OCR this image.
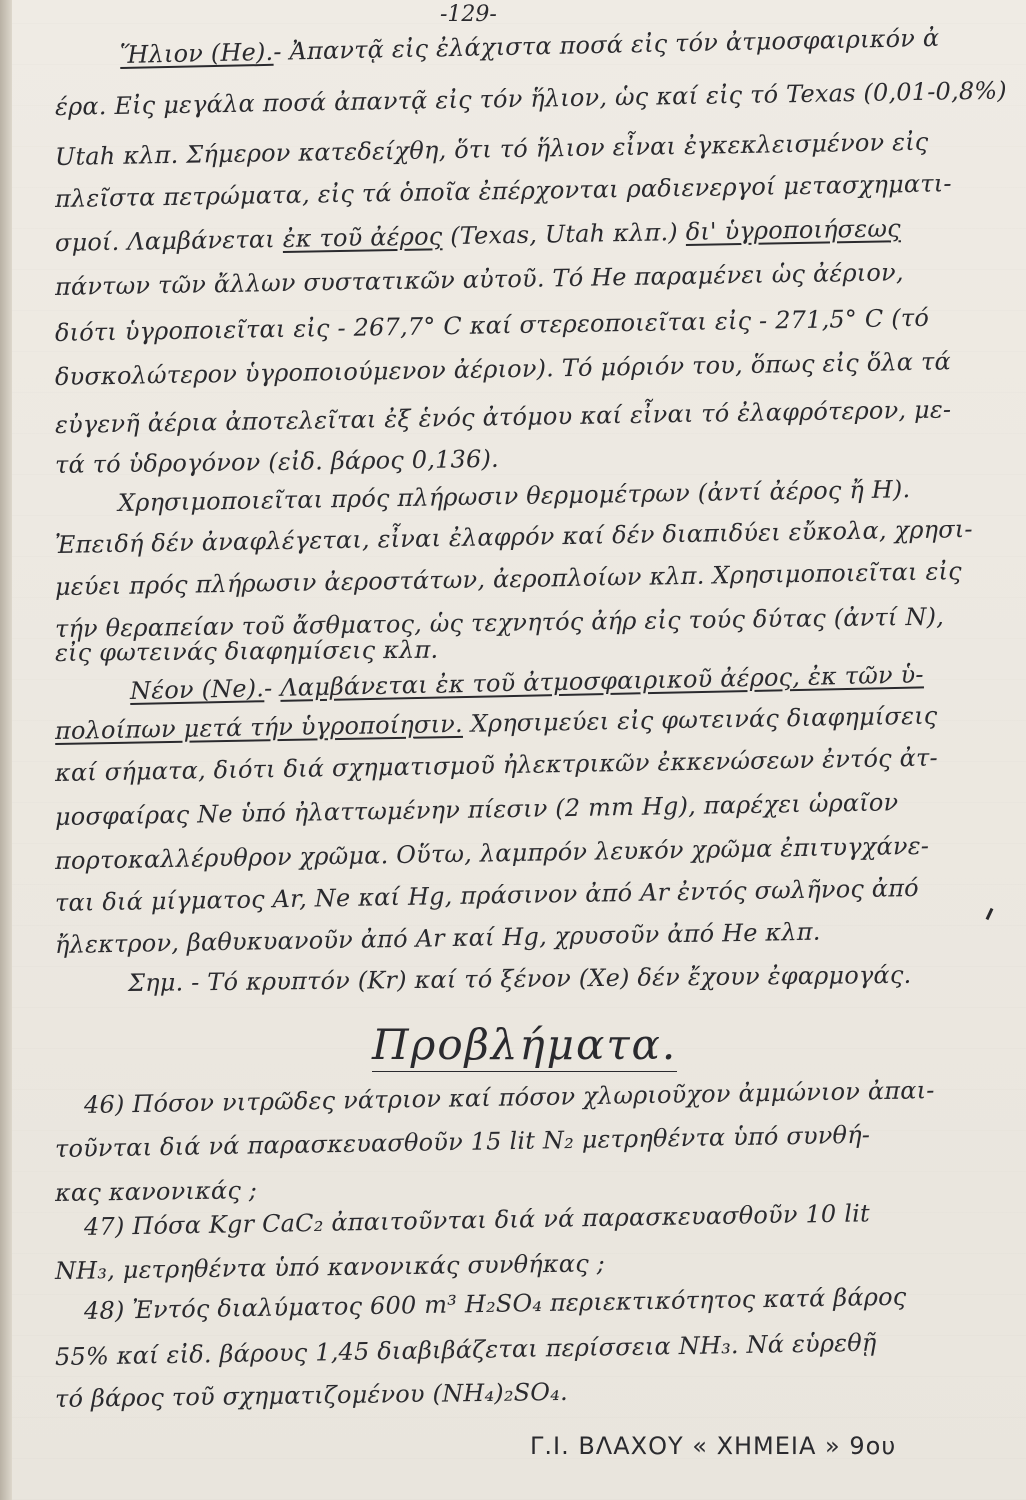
-129-
Ἥλιον (He).- Ἀπαντᾷ εἰς ἐλάχιστα ποσά εἰς τόν ἀτμοσφαιρικόν ἀ
έρα. Εἰς μεγάλα ποσά ἀπαντᾷ εἰς τόν ἥλιον, ὡς καί εἰς τό Texas (0,01-0,8%)
Utah κλπ. Σήμερον κατεδείχθη, ὅτι τό ἥλιον εἶναι ἐγκεκλεισμένον εἰς
πλεῖστα πετρώματα, εἰς τά ὁποῖα ἐπέρχονται ραδιενεργοί μετασχηματι-
σμοί. Λαμβάνεται ἐκ τοῦ ἀέρος (Texas, Utah κλπ.) δι' ὑγροποιήσεως
πάντων τῶν ἄλλων συστατικῶν αὐτοῦ. Τό He παραμένει ὡς ἀέριον,
διότι ὑγροποιεῖται εἰς - 267,7° C καί στερεοποιεῖται εἰς - 271,5° C (τό
δυσκολώτερον ὑγροποιούμενον ἀέριον). Τό μόριόν του, ὅπως εἰς ὅλα τά
εὐγενῆ ἀέρια ἀποτελεῖται ἐξ ἑνός ἀτόμου καί εἶναι τό ἐλαφρότερον, με-
τά τό ὑδρογόνον (εἰδ. βάρος 0,136).
Χρησιμοποιεῖται πρός πλήρωσιν θερμομέτρων (ἀντί ἀέρος ἤ H).
Ἐπειδή δέν ἀναφλέγεται, εἶναι ἐλαφρόν καί δέν διαπιδύει εὔκολα, χρησι-
μεύει πρός πλήρωσιν ἀεροστάτων, ἀεροπλοίων κλπ. Χρησιμοποιεῖται εἰς
τήν θεραπείαν τοῦ ἄσθματος, ὡς τεχνητός ἀήρ εἰς τούς δύτας (ἀντί N),
εἰς φωτεινάς διαφημίσεις κλπ.
Νέον (Ne).- Λαμβάνεται ἐκ τοῦ ἀτμοσφαιρικοῦ ἀέρος, ἐκ τῶν ὑ-
πολοίπων μετά τήν ὑγροποίησιν. Χρησιμεύει εἰς φωτεινάς διαφημίσεις
καί σήματα, διότι διά σχηματισμοῦ ἠλεκτρικῶν ἐκκενώσεων ἐντός ἀτ-
μοσφαίρας Ne ὑπό ἠλαττωμένην πίεσιν (2 mm Hg), παρέχει ὡραῖον
πορτοκαλλέρυθρον χρῶμα. Οὕτω, λαμπρόν λευκόν χρῶμα ἐπιτυγχάνε-
ται διά μίγματος Ar, Ne καί Hg, πράσινον ἀπό Ar ἐντός σωλῆνος ἀπό
ἤλεκτρον, βαθυκυανοῦν ἀπό Ar καί Hg, χρυσοῦν ἀπό He κλπ.
Σημ. - Τό κρυπτόν (Kr) καί τό ξένον (Xe) δέν ἔχουν ἐφαρμογάς.
46) Πόσον νιτρῶδες νάτριον καί πόσον χλωριοῦχον ἀμμώνιον ἀπαι-
τοῦνται διά νά παρασκευασθοῦν 15 lit N₂ μετρηθέντα ὑπό συνθή-
κας κανονικάς ;
47) Πόσα Kgr CaC₂ ἀπαιτοῦνται διά νά παρασκευασθοῦν 10 lit
NH₃, μετρηθέντα ὑπό κανονικάς συνθήκας ;
48) Ἐντός διαλύματος 600 m³ H₂SO₄ περιεκτικότητος κατά βάρος
55% καί εἰδ. βάρους 1,45 διαβιβάζεται περίσσεια NH₃. Νά εὑρεθῇ
τό βάρος τοῦ σχηματιζομένου (NH₄)₂SO₄.
Προβλήματα.
Γ.Ι. ΒΛΑΧΟΥ « ΧΗΜΕΙΑ » 9ου
